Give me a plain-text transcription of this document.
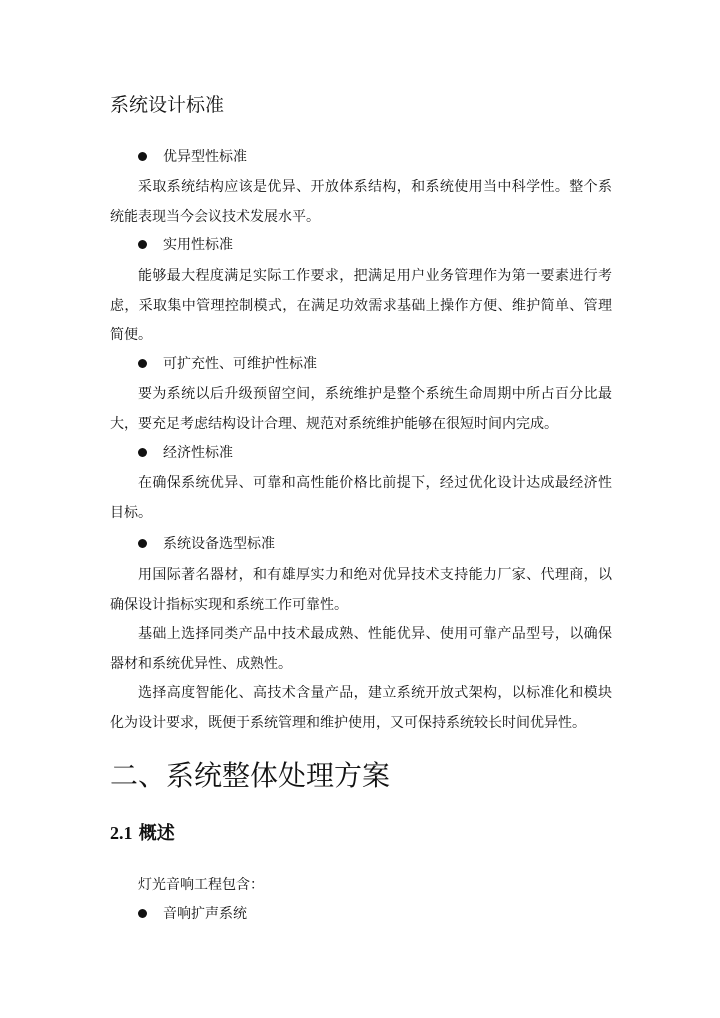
系统设计标准
优异型性标准

采取系统结构应该是优异、开放体系结构，和系统使用当中科学性。整个系统能表现当今会议技术发展水平。

实用性标准

能够最大程度满足实际工作要求，把满足用户业务管理作为第一要素进行考虑，采取集中管理控制模式，在满足功效需求基础上操作方便、维护简单、管理简便。

可扩充性、可维护性标准

要为系统以后升级预留空间，系统维护是整个系统生命周期中所占百分比最大，要充足考虑结构设计合理、规范对系统维护能够在很短时间内完成。

经济性标准

在确保系统优异、可靠和高性能价格比前提下，经过优化设计达成最经济性目标。

系统设备选型标准

用国际著名器材，和有雄厚实力和绝对优异技术支持能力厂家、代理商，以确保设计指标实现和系统工作可靠性。

基础上选择同类产品中技术最成熟、性能优异、使用可靠产品型号，以确保器材和系统优异性、成熟性。

选择高度智能化、高技术含量产品，建立系统开放式架构，以标准化和模块化为设计要求，既便于系统管理和维护使用，又可保持系统较长时间优异性。

二、系统整体处理方案
2.1 概述
灯光音响工程包含：
音响扩声系统
